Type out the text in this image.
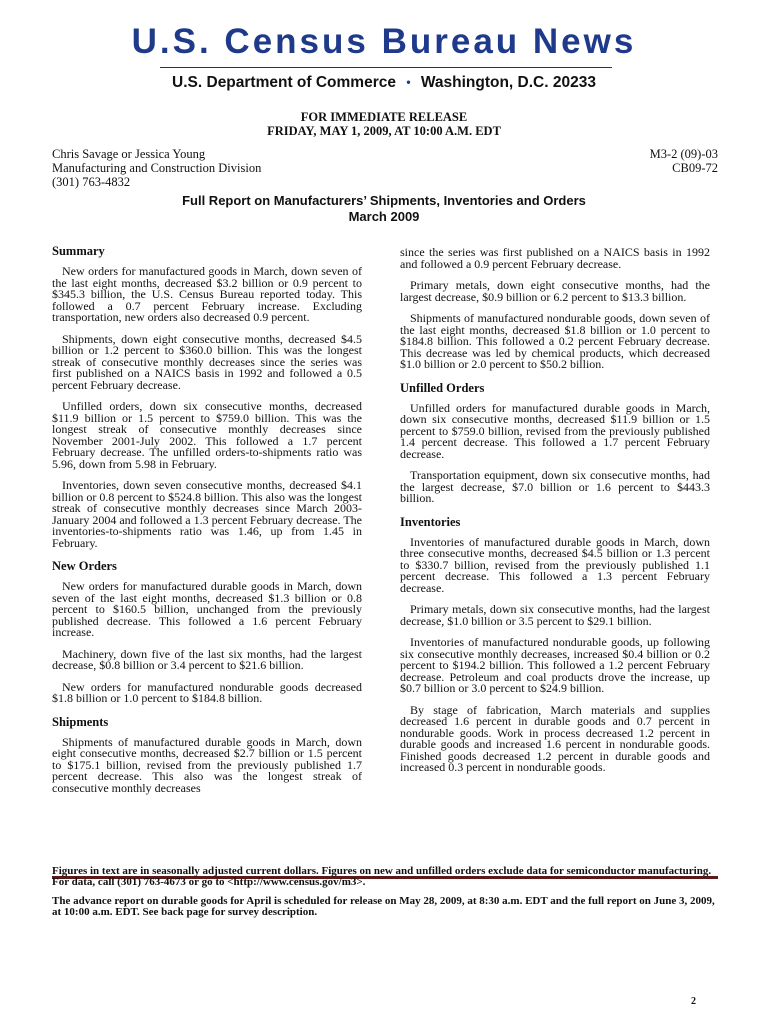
U.S. Census Bureau News
U.S. Department of Commerce • Washington, D.C. 20233
FOR IMMEDIATE RELEASE
FRIDAY, MAY 1, 2009, AT 10:00 A.M. EDT
Chris Savage or Jessica Young	M3-2 (09)-03
Manufacturing and Construction Division	CB09-72
(301) 763-4832
Full Report on Manufacturers’ Shipments, Inventories and Orders
March 2009
Summary

New orders for manufactured goods in March, down seven of the last eight months, decreased $3.2 billion or 0.9 percent to $345.3 billion, the U.S. Census Bureau reported today. This followed a 0.7 percent February increase. Excluding transportation, new orders also decreased 0.9 percent.

Shipments, down eight consecutive months, decreased $4.5 billion or 1.2 percent to $360.0 billion. This was the longest streak of consecutive monthly decreases since the series was first published on a NAICS basis in 1992 and followed a 0.5 percent February decrease.

Unfilled orders, down six consecutive months, decreased $11.9 billion or 1.5 percent to $759.0 billion. This was the longest streak of consecutive monthly decreases since November 2001-July 2002. This followed a 1.7 percent February decrease. The unfilled orders-to-shipments ratio was 5.96, down from 5.98 in February.

Inventories, down seven consecutive months, decreased $4.1 billion or 0.8 percent to $524.8 billion. This also was the longest streak of consecutive monthly decreases since March 2003-January 2004 and followed a 1.3 percent February decrease. The inventories-to-shipments ratio was 1.46, up from 1.45 in February.

New Orders

New orders for manufactured durable goods in March, down seven of the last eight months, decreased $1.3 billion or 0.8 percent to $160.5 billion, unchanged from the previously published decrease. This followed a 1.6 percent February increase.

Machinery, down five of the last six months, had the largest decrease, $0.8 billion or 3.4 percent to $21.6 billion.

New orders for manufactured nondurable goods decreased $1.8 billion or 1.0 percent to $184.8 billion.

Shipments

Shipments of manufactured durable goods in March, down eight consecutive months, decreased $2.7 billion or 1.5 percent to $175.1 billion, revised from the previously published 1.7 percent decrease. This also was the longest streak of consecutive monthly decreases

since the series was first published on a NAICS basis in 1992 and followed a 0.9 percent February decrease.

Primary metals, down eight consecutive months, had the largest decrease, $0.9 billion or 6.2 percent to $13.3 billion.

Shipments of manufactured nondurable goods, down seven of the last eight months, decreased $1.8 billion or 1.0 percent to $184.8 billion. This followed a 0.2 percent February decrease. This decrease was led by chemical products, which decreased $1.0 billion or 2.0 percent to $50.2 billion.

Unfilled Orders

Unfilled orders for manufactured durable goods in March, down six consecutive months, decreased $11.9 billion or 1.5 percent to $759.0 billion, revised from the previously published 1.4 percent decrease. This followed a 1.7 percent February decrease.

Transportation equipment, down six consecutive months, had the largest decrease, $7.0 billion or 1.6 percent to $443.3 billion.

Inventories

Inventories of manufactured durable goods in March, down three consecutive months, decreased $4.5 billion or 1.3 percent to $330.7 billion, revised from the previously published 1.1 percent decrease. This followed a 1.3 percent February decrease.

Primary metals, down six consecutive months, had the largest decrease, $1.0 billion or 3.5 percent to $29.1 billion.

Inventories of manufactured nondurable goods, up following six consecutive monthly decreases, increased $0.4 billion or 0.2 percent to $194.2 billion. This followed a 1.2 percent February decrease. Petroleum and coal products drove the increase, up $0.7 billion or 3.0 percent to $24.9 billion.

By stage of fabrication, March materials and supplies decreased 1.6 percent in durable goods and 0.7 percent in nondurable goods. Work in process decreased 1.2 percent in durable goods and increased 1.6 percent in nondurable goods. Finished goods decreased 1.2 percent in durable goods and increased 0.3 percent in nondurable goods.

Figures in text are in seasonally adjusted current dollars. Figures on new and unfilled orders exclude data for semiconductor manufacturing. For data, call (301) 763-4673 or go to <http://www.census.gov/m3>.

The advance report on durable goods for April is scheduled for release on May 28, 2009, at 8:30 a.m. EDT and the full report on June 3, 2009, at 10:00 a.m. EDT. See back page for survey description.

2
